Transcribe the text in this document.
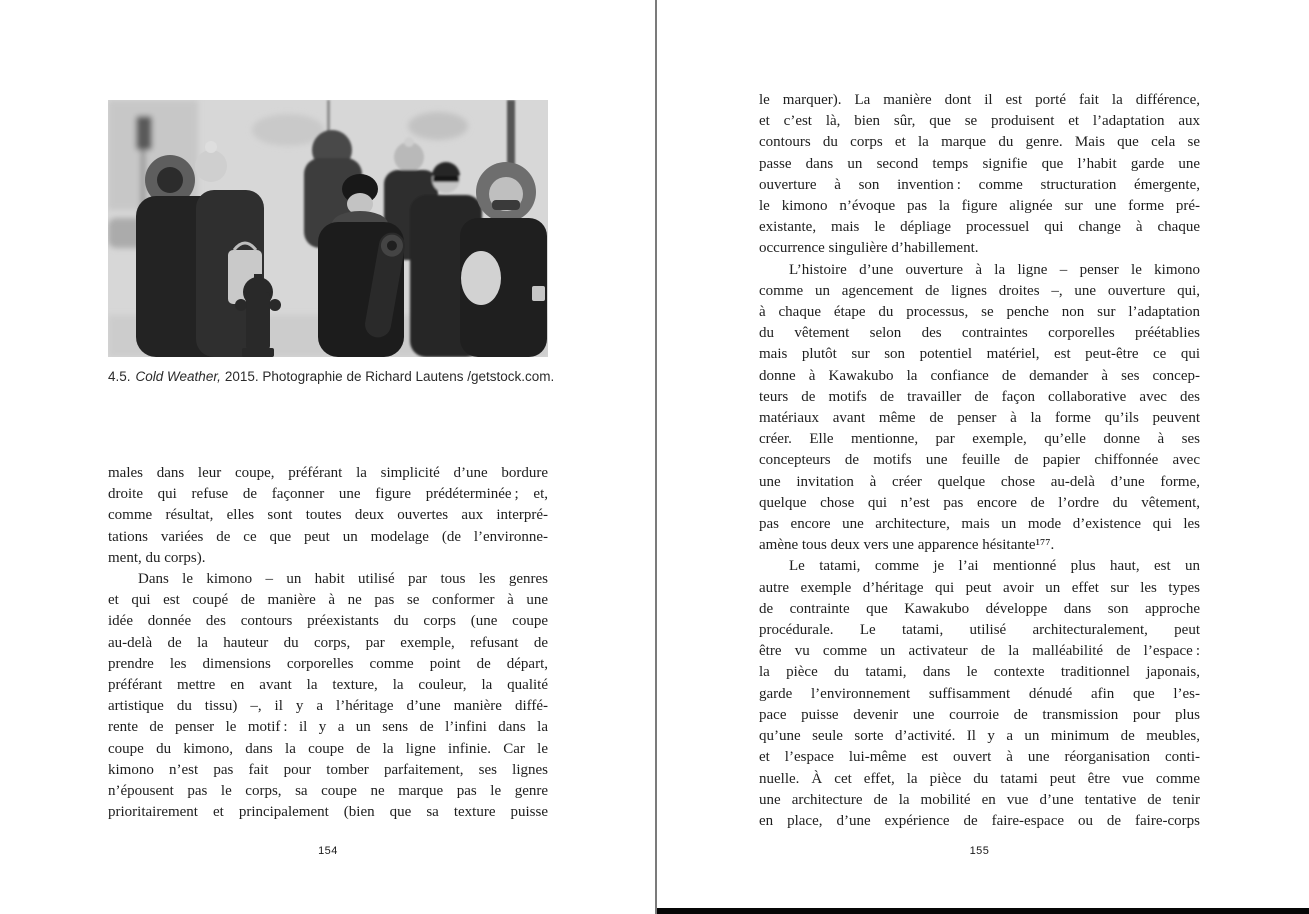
4.5. Cold Weather, 2015. Photographie de Richard Lautens /getstock.com.
males dans leur coupe, préférant la simplicité d’une bordure
droite qui refuse de façonner une figure prédéterminée ; et,
comme résultat, elles sont toutes deux ouvertes aux interpré-
tations variées de ce que peut un modelage (de l’environne-
ment, du corps).
Dans le kimono – un habit utilisé par tous les genres
et qui est coupé de manière à ne pas se conformer à une
idée donnée des contours préexistants du corps (une coupe
au-delà de la hauteur du corps, par exemple, refusant de
prendre les dimensions corporelles comme point de départ,
préférant mettre en avant la texture, la couleur, la qualité
artistique du tissu) –, il y a l’héritage d’une manière diffé-
rente de penser le motif : il y a un sens de l’infini dans la
coupe du kimono, dans la coupe de la ligne infinie. Car le
kimono n’est pas fait pour tomber parfaitement, ses lignes
n’épousent pas le corps, sa coupe ne marque pas le genre
prioritairement et principalement (bien que sa texture puisse
154
le marquer). La manière dont il est porté fait la différence,
et c’est là, bien sûr, que se produisent et l’adaptation aux
contours du corps et la marque du genre. Mais que cela se
passe dans un second temps signifie que l’habit garde une
ouverture à son invention : comme structuration émergente,
le kimono n’évoque pas la figure alignée sur une forme pré-
existante, mais le dépliage processuel qui change à chaque
occurrence singulière d’habillement.
L’histoire d’une ouverture à la ligne – penser le kimono
comme un agencement de lignes droites –, une ouverture qui,
à chaque étape du processus, se penche non sur l’adaptation
du vêtement selon des contraintes corporelles préétablies
mais plutôt sur son potentiel matériel, est peut-être ce qui
donne à Kawakubo la confiance de demander à ses concep-
teurs de motifs de travailler de façon collaborative avec des
matériaux avant même de penser à la forme qu’ils peuvent
créer. Elle mentionne, par exemple, qu’elle donne à ses
concepteurs de motifs une feuille de papier chiffonnée avec
une invitation à créer quelque chose au-delà d’une forme,
quelque chose qui n’est pas encore de l’ordre du vêtement,
pas encore une architecture, mais un mode d’existence qui les
amène tous deux vers une apparence hésitante¹⁷⁷.
Le tatami, comme je l’ai mentionné plus haut, est un
autre exemple d’héritage qui peut avoir un effet sur les types
de contrainte que Kawakubo développe dans son approche
procédurale. Le tatami, utilisé architecturalement, peut
être vu comme un activateur de la malléabilité de l’espace :
la pièce du tatami, dans le contexte traditionnel japonais,
garde l’environnement suffisamment dénudé afin que l’es-
pace puisse devenir une courroie de transmission pour plus
qu’une seule sorte d’activité. Il y a un minimum de meubles,
et l’espace lui-même est ouvert à une réorganisation conti-
nuelle. À cet effet, la pièce du tatami peut être vue comme
une architecture de la mobilité en vue d’une tentative de tenir
en place, d’une expérience de faire-espace ou de faire-corps
155
